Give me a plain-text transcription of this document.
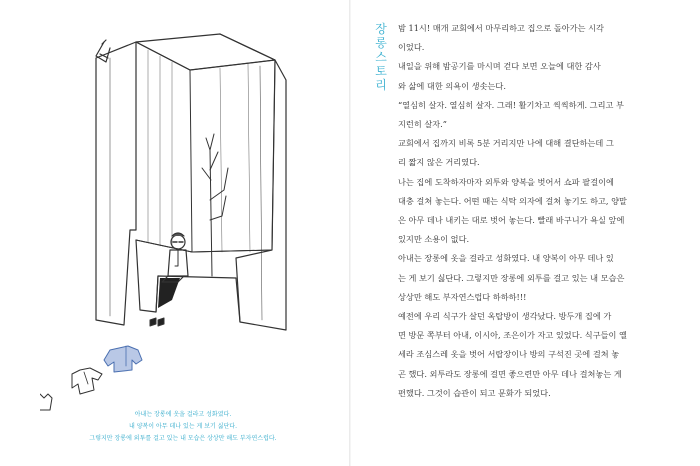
아내는 장롱에 옷을 걸라고 성화였다.
내 양복이 아무 데나 있는 게 보기 싫단다.
그렇지만 장롱에 외투를 걸고 있는 내 모습은 상상만 해도 부자연스럽다.
장
롱
스
토
리
밤 11시! 매개 교회에서 마무리하고 집으로 돌아가는 시각
이었다.
내일을 위해 밤공기를 마시며 걷다 보면 오늘에 대한 감사
와 삶에 대한 의욕이 생솟는다.
“열심히 살자. 열심히 살자. 그래! 활기차고 씩씩하게. 그리고 부
지런히 살자.”
교회에서 집까지 비록 5분 거리지만 나에 대해 결단하는데 그
리 짧지 않은 거리였다.
나는 집에 도착하자마자 외투와 양복을 벗어서 쇼파 팔걸이에
대충 걸쳐 놓는다. 어떤 때는 식탁 의자에 걸쳐 놓기도 하고, 양말
은 아무 데나 내키는 대로 벗어 놓는다. 빨래 바구니가 욕실 앞에
있지만 소용이 없다.
아내는 장롱에 옷을 걸라고 성화였다. 내 양복이 아무 데나 있
는 게 보기 싫단다. 그렇지만 장롱에 외투를 걸고 있는 내 모습은
상상만 해도 부자연스럽다 하하하!!!
예전에 우리 식구가 살던 옥탑방이 생각났다. 방두개 집에 가
면 방문 쪽부터 아내, 이시아, 조은이가 자고 있었다. 식구들이 옐
세라 조심스레 옷을 벗어 서랍장이나 방의 구석진 곳에 걸쳐 놓
곤 했다. 외투라도 장롱에 걸면 좋으련만 아무 데나 걸쳐놓는 게
편했다. 그것이 습관이 되고 문화가 되었다.
